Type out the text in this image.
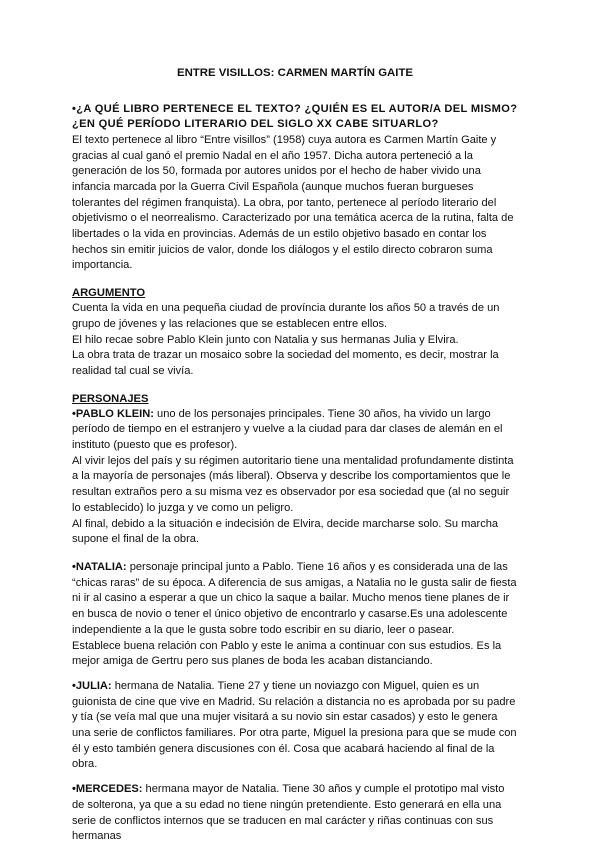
ENTRE VISILLOS: CARMEN MARTÍN GAITE

•¿A QUÉ LIBRO PERTENECE EL TEXTO? ¿QUIÉN ES EL AUTOR/A DEL MISMO? ¿EN QUÉ PERÍODO LITERARIO DEL SIGLO XX CABE SITUARLO?

El texto pertenece al libro “Entre visillos” (1958) cuya autora es Carmen Martín Gaite y gracias al cual ganó el premio Nadal en el año 1957. Dicha autora perteneció a la generación de los 50, formada por autores unidos por el hecho de haber vivido una infancia marcada por la Guerra Civil Española (aunque muchos fueran burgueses tolerantes del régimen franquista). La obra, por tanto, pertenece al período literario del objetivismo o el neorrealismo. Caracterizado por una temática acerca de la rutina, falta de libertades o la vida en provincias. Además de un estilo objetivo basado en contar los hechos sin emitir juicios de valor, donde los diálogos y el estilo directo cobraron suma importancia.

ARGUMENTO

Cuenta la vida en una pequeña ciudad de província durante los años 50 a través de un grupo de jóvenes y las relaciones que se establecen entre ellos.

El hilo recae sobre Pablo Klein junto con Natalia y sus hermanas Julia y Elvira.

La obra trata de trazar un mosaico sobre la sociedad del momento, es decir, mostrar la realidad tal cual se vivía.

PERSONAJES

•PABLO KLEIN: uno de los personajes principales. Tiene 30 años, ha vivido un largo período de tiempo en el estranjero y vuelve a la ciudad para dar clases de alemán en el instituto (puesto que es profesor).

Al vivir lejos del país y su régimen autoritario tiene una mentalidad profundamente distinta a la mayoría de personajes (más liberal). Observa y describe los comportamientos que le resultan extraños pero a su misma vez es observador por esa sociedad que (al no seguir lo establecido) lo juzga y ve como un peligro.

Al final, debido a la situación e indecisión de Elvira, decide marcharse solo. Su marcha supone el final de la obra.

•NATALIA: personaje principal junto a Pablo. Tiene 16 años y es considerada una de las “chicas raras” de su época. A diferencia de sus amigas, a Natalia no le gusta salir de fiesta ni ir al casino a esperar a que un chico la saque a bailar. Mucho menos tiene planes de ir en busca de novio o tener el único objetivo de encontrarlo y casarse.Es una adolescente independiente a la que le gusta sobre todo escribir en su diario, leer o pasear.

Establece buena relación con Pablo y este le anima a continuar con sus estudios. Es la mejor amiga de Gertru pero sus planes de boda les acaban distanciando.

•JULIA: hermana de Natalia. Tiene 27 y tiene un noviazgo con Miguel, quien es un guionista de cine que vive en Madrid. Su relación a distancia no es aprobada por su padre y tía (se veía mal que una mujer visitará a su novio sin estar casados) y esto le genera una serie de conflictos familiares. Por otra parte, Miguel la presiona para que se mude con él y esto también genera discusiones con él. Cosa que acabará haciendo al final de la obra.

•MERCEDES: hermana mayor de Natalia. Tiene 30 años y cumple el prototipo mal visto de solterona, ya que a su edad no tiene ningún pretendiente. Esto generará en ella una serie de conflictos internos que se traducen en mal carácter y riñas continuas con sus hermanas
